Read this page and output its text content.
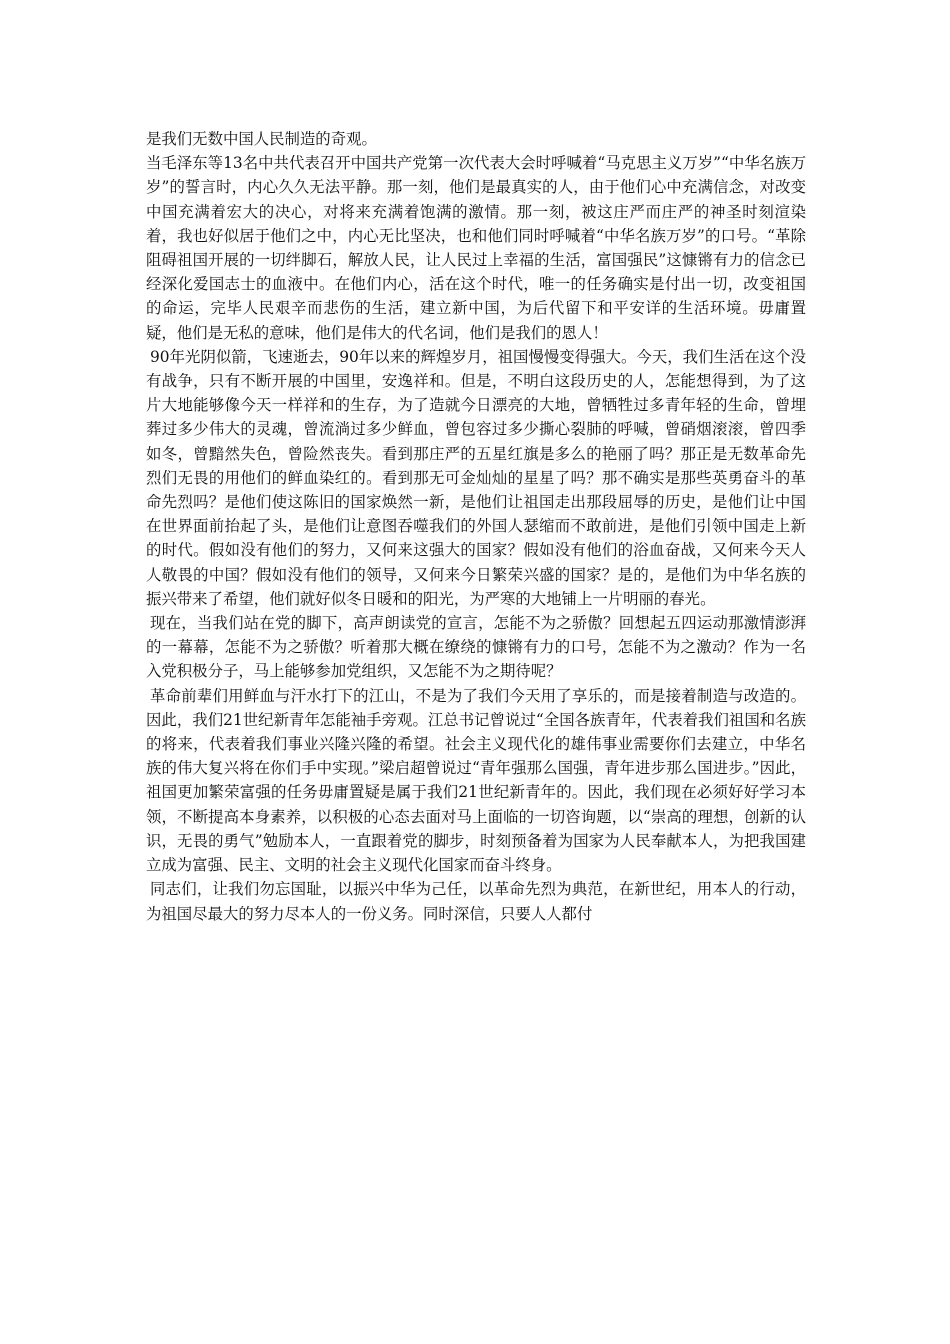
是我们无数中国人民制造的奇观。

当毛泽东等13名中共代表召开中国共产党第一次代表大会时呼喊着“马克思主义万岁”“中华名族万岁”的誓言时，内心久久无法平静。那一刻，他们是最真实的人，由于他们心中充满信念，对改变中国充满着宏大的决心，对将来充满着饱满的激情。那一刻，被这庄严而庄严的神圣时刻渲染着，我也好似居于他们之中，内心无比坚决，也和他们同时呼喊着“中华名族万岁”的口号。“革除阻碍祖国开展的一切绊脚石，解放人民，让人民过上幸福的生活，富国强民”这慷锵有力的信念已经深化爱国志士的血液中。在他们内心，活在这个时代，唯一的任务确实是付出一切，改变祖国的命运，完毕人民艰辛而悲伤的生活，建立新中国，为后代留下和平安详的生活环境。毋庸置疑，他们是无私的意味，他们是伟大的代名词，他们是我们的恩人！

90年光阴似箭，飞速逝去，90年以来的辉煌岁月，祖国慢慢变得强大。今天，我们生活在这个没有战争，只有不断开展的中国里，安逸祥和。但是，不明白这段历史的人，怎能想得到，为了这片大地能够像今天一样祥和的生存，为了造就今日漂亮的大地，曾牺牲过多青年轻的生命，曾埋葬过多少伟大的灵魂，曾流淌过多少鲜血，曾包容过多少撕心裂肺的呼喊，曾硝烟滚滚，曾四季如冬，曾黯然失色，曾险然丧失。看到那庄严的五星红旗是多么的艳丽了吗？那正是无数革命先烈们无畏的用他们的鲜血染红的。看到那无可金灿灿的星星了吗？那不确实是那些英勇奋斗的革命先烈吗？是他们使这陈旧的国家焕然一新，是他们让祖国走出那段屈辱的历史，是他们让中国在世界面前抬起了头，是他们让意图吞噬我们的外国人瑟缩而不敢前进，是他们引领中国走上新的时代。假如没有他们的努力，又何来这强大的国家？假如没有他们的浴血奋战，又何来今天人人敬畏的中国？假如没有他们的领导，又何来今日繁荣兴盛的国家？是的，是他们为中华名族的振兴带来了希望，他们就好似冬日暖和的阳光，为严寒的大地铺上一片明丽的春光。

现在，当我们站在党的脚下，高声朗读党的宣言，怎能不为之骄傲？回想起五四运动那激情澎湃的一幕幕，怎能不为之骄傲？听着那大概在缭绕的慷锵有力的口号，怎能不为之激动？作为一名入党积极分子，马上能够参加党组织，又怎能不为之期待呢？

革命前辈们用鲜血与汗水打下的江山，不是为了我们今天用了享乐的，而是接着制造与改造的。因此，我们21世纪新青年怎能袖手旁观。江总书记曾说过“全国各族青年，代表着我们祖国和名族的将来，代表着我们事业兴隆兴隆的希望。社会主义现代化的雄伟事业需要你们去建立，中华名族的伟大复兴将在你们手中实现。”梁启超曾说过“青年强那么国强，青年进步那么国进步。”因此，祖国更加繁荣富强的任务毋庸置疑是属于我们21世纪新青年的。因此，我们现在必须好好学习本领，不断提高本身素养，以积极的心态去面对马上面临的一切咨询题，以“崇高的理想，创新的认识，无畏的勇气”勉励本人，一直跟着党的脚步，时刻预备着为国家为人民奉献本人，为把我国建立成为富强、民主、文明的社会主义现代化国家而奋斗终身。

同志们，让我们勿忘国耻，以振兴中华为己任，以革命先烈为典范，在新世纪，用本人的行动，为祖国尽最大的努力尽本人的一份义务。同时深信，只要人人都付
